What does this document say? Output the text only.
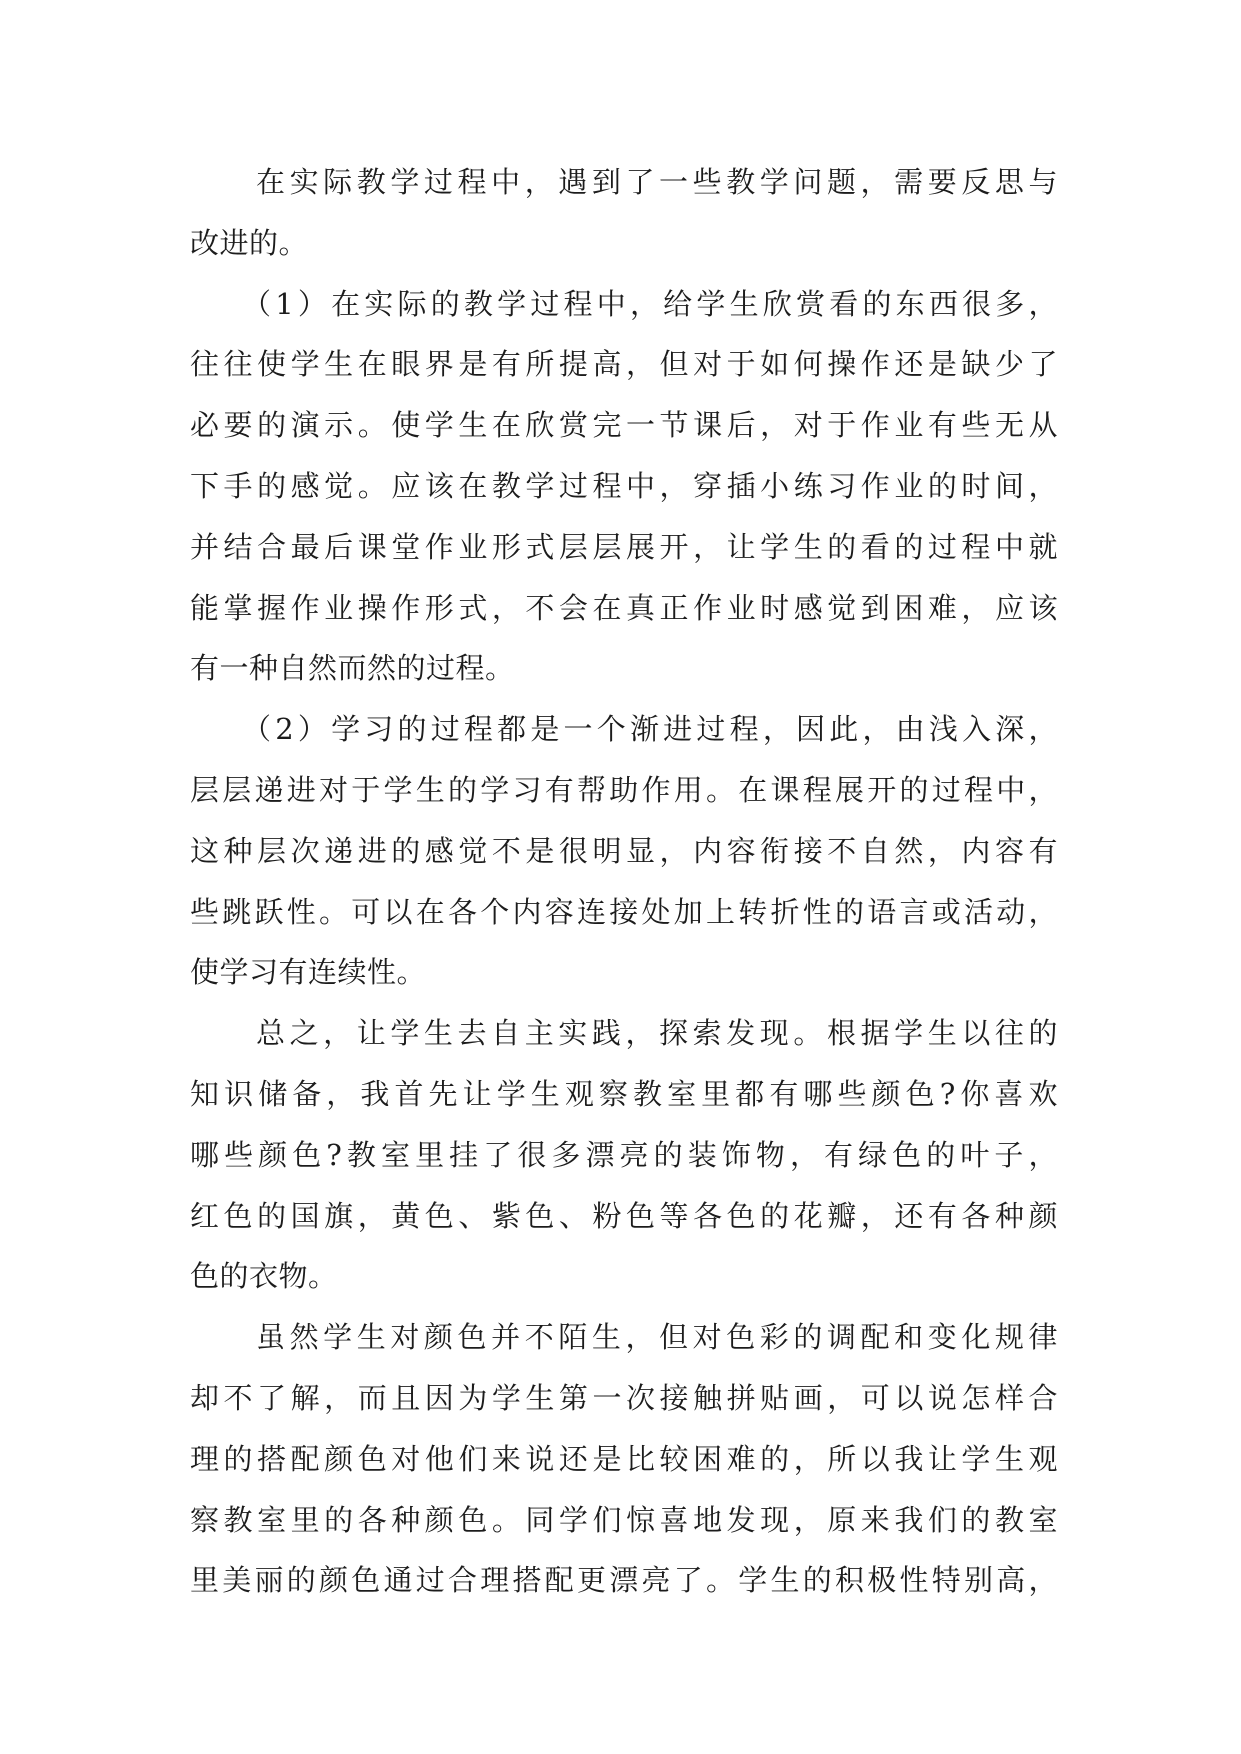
在实际教学过程中，遇到了一些教学问题，需要反思与
改进的。
（1）在实际的教学过程中，给学生欣赏看的东西很多，
往往使学生在眼界是有所提高，但对于如何操作还是缺少了
必要的演示。使学生在欣赏完一节课后，对于作业有些无从
下手的感觉。应该在教学过程中，穿插小练习作业的时间，
并结合最后课堂作业形式层层展开，让学生的看的过程中就
能掌握作业操作形式，不会在真正作业时感觉到困难，应该
有一种自然而然的过程。
（2）学习的过程都是一个渐进过程，因此，由浅入深，
层层递进对于学生的学习有帮助作用。在课程展开的过程中，
这种层次递进的感觉不是很明显，内容衔接不自然，内容有
些跳跃性。可以在各个内容连接处加上转折性的语言或活动，
使学习有连续性。
总之，让学生去自主实践，探索发现。根据学生以往的
知识储备，我首先让学生观察教室里都有哪些颜色?你喜欢
哪些颜色?教室里挂了很多漂亮的装饰物，有绿色的叶子，
红色的国旗，黄色、紫色、粉色等各色的花瓣，还有各种颜
色的衣物。
虽然学生对颜色并不陌生，但对色彩的调配和变化规律
却不了解，而且因为学生第一次接触拼贴画，可以说怎样合
理的搭配颜色对他们来说还是比较困难的，所以我让学生观
察教室里的各种颜色。同学们惊喜地发现，原来我们的教室
里美丽的颜色通过合理搭配更漂亮了。学生的积极性特别高，
